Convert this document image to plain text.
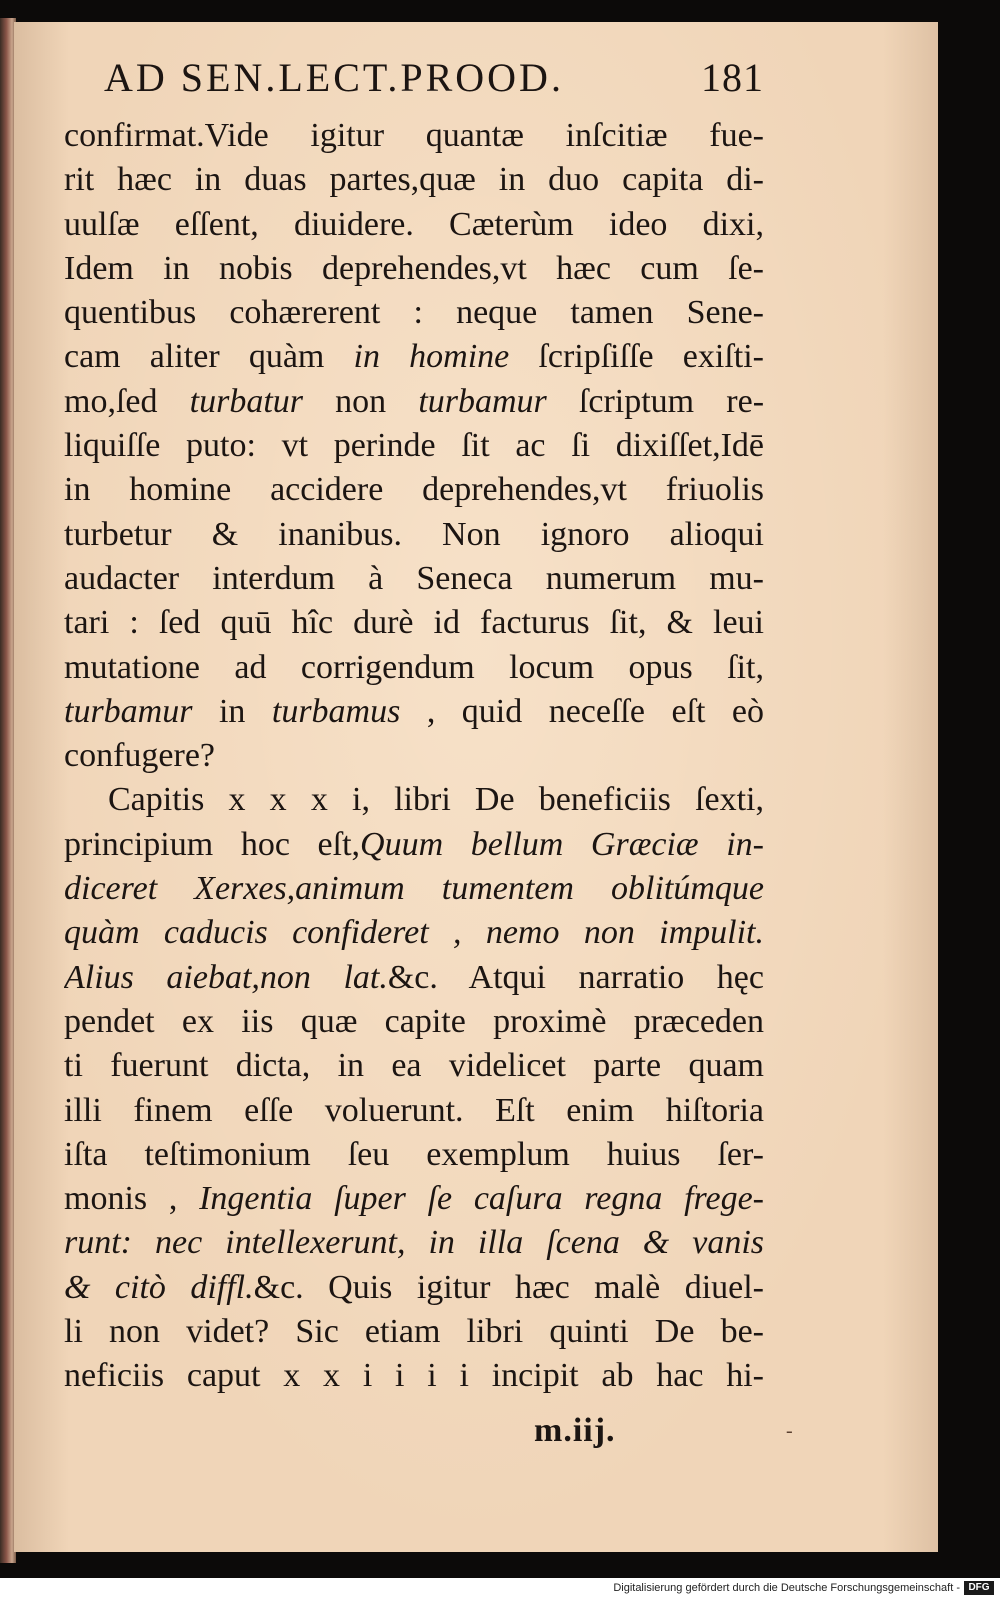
AD SEN.LECT.PROOD.	181
confirmat.Vide igitur quantæ inſcitiæ fue-
rit hæc in duas partes,quæ in duo capita di-
uulſæ eſſent, diuidere. Cæterùm ideo dixi,
Idem in nobis deprehendes,vt hæc cum ſe-
quentibus cohærerent : neque tamen Sene-
cam aliter quàm in homine ſcripſiſſe exiſti-
mo,ſed turbatur non turbamur ſcriptum re-
liquiſſe puto: vt perinde ſit ac ſi dixiſſet,Idē
in homine accidere deprehendes,vt friuolis
turbetur & inanibus. Non ignoro alioqui
audacter interdum à Seneca numerum mu-
tari : ſed quū hîc durè id facturus ſit, & leui
mutatione ad corrigendum locum opus ſit,
turbamur in turbamus , quid neceſſe eſt eò
confugere?
Capitis x x x i, libri De beneficiis ſexti,
principium hoc eſt,Quum bellum Græciæ in-
diceret Xerxes,animum tumentem oblitúmque
quàm caducis confideret , nemo non impulit.
Alius aiebat,non lat.&c. Atqui narratio hęc
pendet ex iis quæ capite proximè præceden
ti fuerunt dicta, in ea videlicet parte quam
illi finem eſſe voluerunt. Eſt enim hiſtoria
iſta teſtimonium ſeu exemplum huius ſer-
monis , Ingentia ſuper ſe caſura regna frege-
runt: nec intellexerunt, in illa ſcena & vanis
& citò diffl.&c. Quis igitur hæc malè diuel-
li non videt? Sic etiam libri quinti De be-
neficiis caput x x i i i i incipit ab hac hi-
m.iij.	-
Digitalisierung gefördert durch die Deutsche Forschungsgemeinschaft - DFG
